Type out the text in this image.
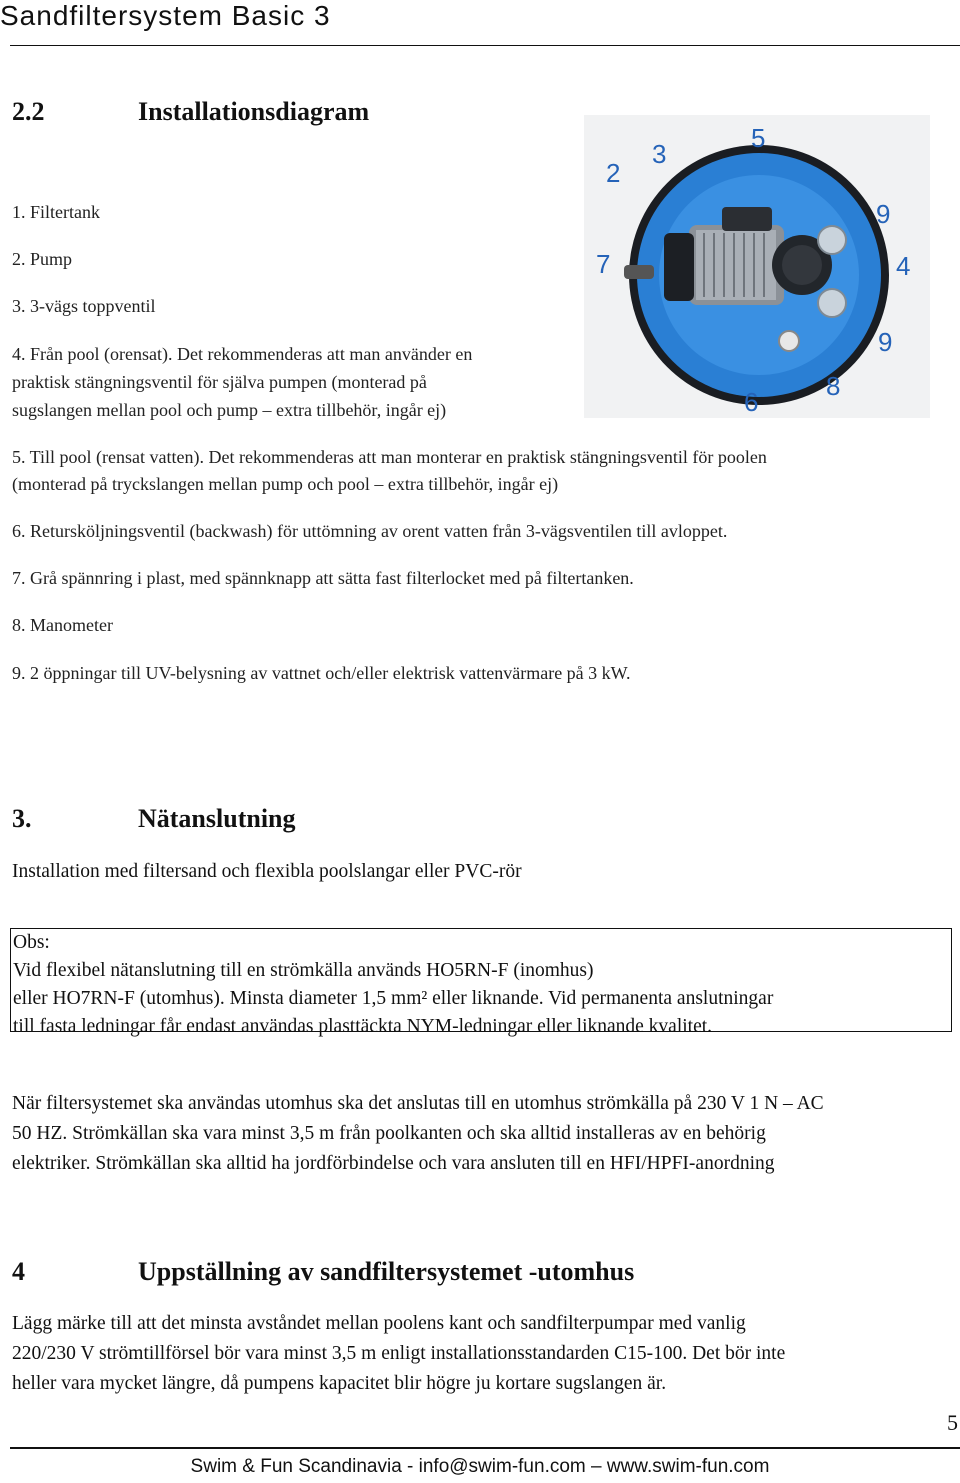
Sandfiltersystem Basic 3
2.2	Installationsdiagram
1. Filtertank
2. Pump
3. 3-vägs toppventil
4. Från pool (orensat). Det rekommenderas att man använder en
praktisk stängningsventil för själva pumpen (monterad på
sugslangen mellan pool och pump – extra tillbehör, ingår ej)
5. Till pool (rensat vatten). Det rekommenderas att man monterar en praktisk stängningsventil för poolen
(monterad på tryckslangen mellan pump och pool – extra tillbehör, ingår ej)
6. Retursköljningsventil (backwash) för uttömning av orent vatten från 3-vägsventilen till avloppet.
7. Grå spännring i plast, med spännknapp att sätta fast filterlocket med på filtertanken.
8. Manometer
9. 2 öppningar till UV-belysning av vattnet och/eller elektrisk vattenvärmare på 3 kW.
5
2
3
9
7	4
9
8
6
3.	Nätanslutning
Installation med filtersand och flexibla poolslangar eller PVC-rör
Obs:
Vid flexibel nätanslutning till en strömkälla används HO5RN-F (inomhus)
eller HO7RN-F (utomhus). Minsta diameter 1,5 mm² eller liknande. Vid permanenta anslutningar
till fasta ledningar får endast användas plasttäckta NYM-ledningar eller liknande kvalitet.
När filtersystemet ska användas utomhus ska det anslutas till en utomhus strömkälla på 230 V 1 N – AC
50 HZ. Strömkällan ska vara minst 3,5 m från poolkanten och ska alltid installeras av en behörig
elektriker. Strömkällan ska alltid ha jordförbindelse och vara ansluten till en HFI/HPFI-anordning
4	Uppställning av sandfiltersystemet -utomhus
Lägg märke till att det minsta avståndet mellan poolens kant och sandfilterpumpar med vanlig
220/230 V strömtillförsel bör vara minst 3,5 m enligt installationsstandarden C15-100. Det bör inte
heller vara mycket längre, då pumpens kapacitet blir högre ju kortare sugslangen är.
5
Swim & Fun Scandinavia - info@swim-fun.com – www.swim-fun.com
